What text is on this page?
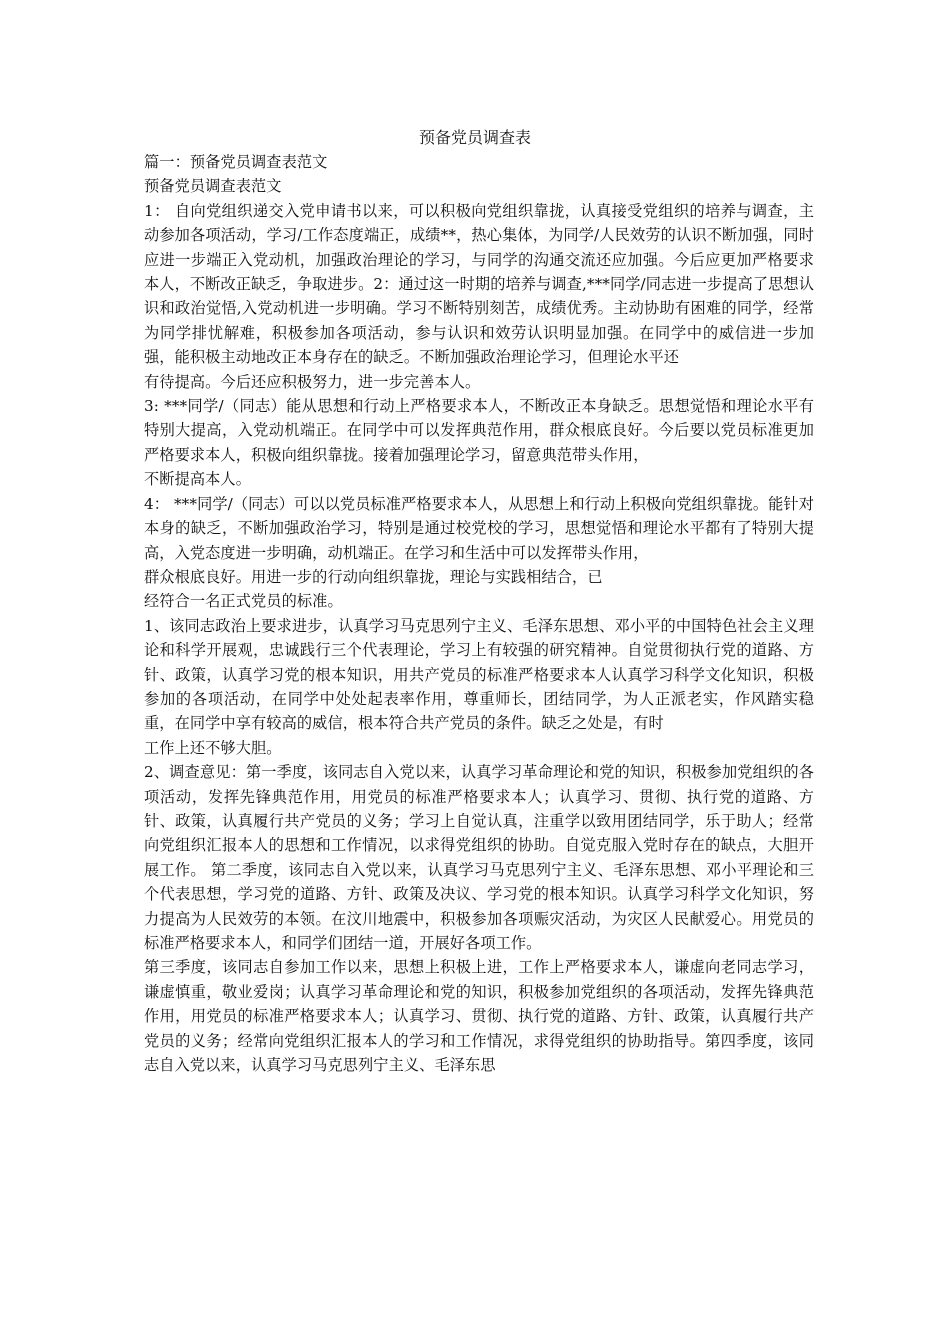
预备党员调查表

篇一：预备党员调查表范文

预备党员调查表范文

1： 自向党组织递交入党申请书以来，可以积极向党组织靠拢，认真接受党组织的培养与调查，主动参加各项活动，学习/工作态度端正，成绩**，热心集体，为同学/人民效劳的认识不断加强，同时应进一步端正入党动机，加强政治理论的学习，与同学的沟通交流还应加强。今后应更加严格要求本人，不断改正缺乏，争取进步。2：通过这一时期的培养与调查,***同学/同志进一步提高了思想认识和政治觉悟,入党动机进一步明确。学习不断特别刻苦，成绩优秀。主动协助有困难的同学，经常为同学排忧解难，积极参加各项活动，参与认识和效劳认识明显加强。在同学中的威信进一步加强，能积极主动地改正本身存在的缺乏。不断加强政治理论学习，但理论水平还

有待提高。今后还应积极努力，进一步完善本人。

3: ***同学/（同志）能从思想和行动上严格要求本人，不断改正本身缺乏。思想觉悟和理论水平有特别大提高，入党动机端正。在同学中可以发挥典范作用，群众根底良好。今后要以党员标准更加严格要求本人，积极向组织靠拢。接着加强理论学习，留意典范带头作用，

不断提高本人。

4： ***同学/（同志）可以以党员标准严格要求本人，从思想上和行动上积极向党组织靠拢。能针对本身的缺乏，不断加强政治学习，特别是通过校党校的学习，思想觉悟和理论水平都有了特别大提高，入党态度进一步明确，动机端正。在学习和生活中可以发挥带头作用，

群众根底良好。用进一步的行动向组织靠拢，理论与实践相结合，已

经符合一名正式党员的标准。

1、该同志政治上要求进步，认真学习马克思列宁主义、毛泽东思想、邓小平的中国特色社会主义理论和科学开展观，忠诚践行三个代表理论，学习上有较强的研究精神。自觉贯彻执行党的道路、方针、政策，认真学习党的根本知识，用共产党员的标准严格要求本人认真学习科学文化知识，积极参加的各项活动，在同学中处处起表率作用，尊重师长，团结同学，为人正派老实，作风踏实稳重，在同学中享有较高的威信，根本符合共产党员的条件。缺乏之处是，有时

工作上还不够大胆。

2、调查意见：第一季度，该同志自入党以来，认真学习革命理论和党的知识，积极参加党组织的各项活动，发挥先锋典范作用，用党员的标准严格要求本人；认真学习、贯彻、执行党的道路、方针、政策，认真履行共产党员的义务；学习上自觉认真，注重学以致用团结同学，乐于助人；经常向党组织汇报本人的思想和工作情况，以求得党组织的协助。自觉克服入党时存在的缺点，大胆开展工作。 第二季度，该同志自入党以来，认真学习马克思列宁主义、毛泽东思想、邓小平理论和三个代表思想，学习党的道路、方针、政策及决议、学习党的根本知识。认真学习科学文化知识，努力提高为人民效劳的本领。在汶川地震中，积极参加各项赈灾活动，为灾区人民献爱心。用党员的标准严格要求本人，和同学们团结一道，开展好各项工作。

第三季度，该同志自参加工作以来，思想上积极上进，工作上严格要求本人，谦虚向老同志学习，谦虚慎重，敬业爱岗；认真学习革命理论和党的知识，积极参加党组织的各项活动，发挥先锋典范作用，用党员的标准严格要求本人；认真学习、贯彻、执行党的道路、方针、政策，认真履行共产党员的义务；经常向党组织汇报本人的学习和工作情况，求得党组织的协助指导。第四季度，该同志自入党以来，认真学习马克思列宁主义、毛泽东思
